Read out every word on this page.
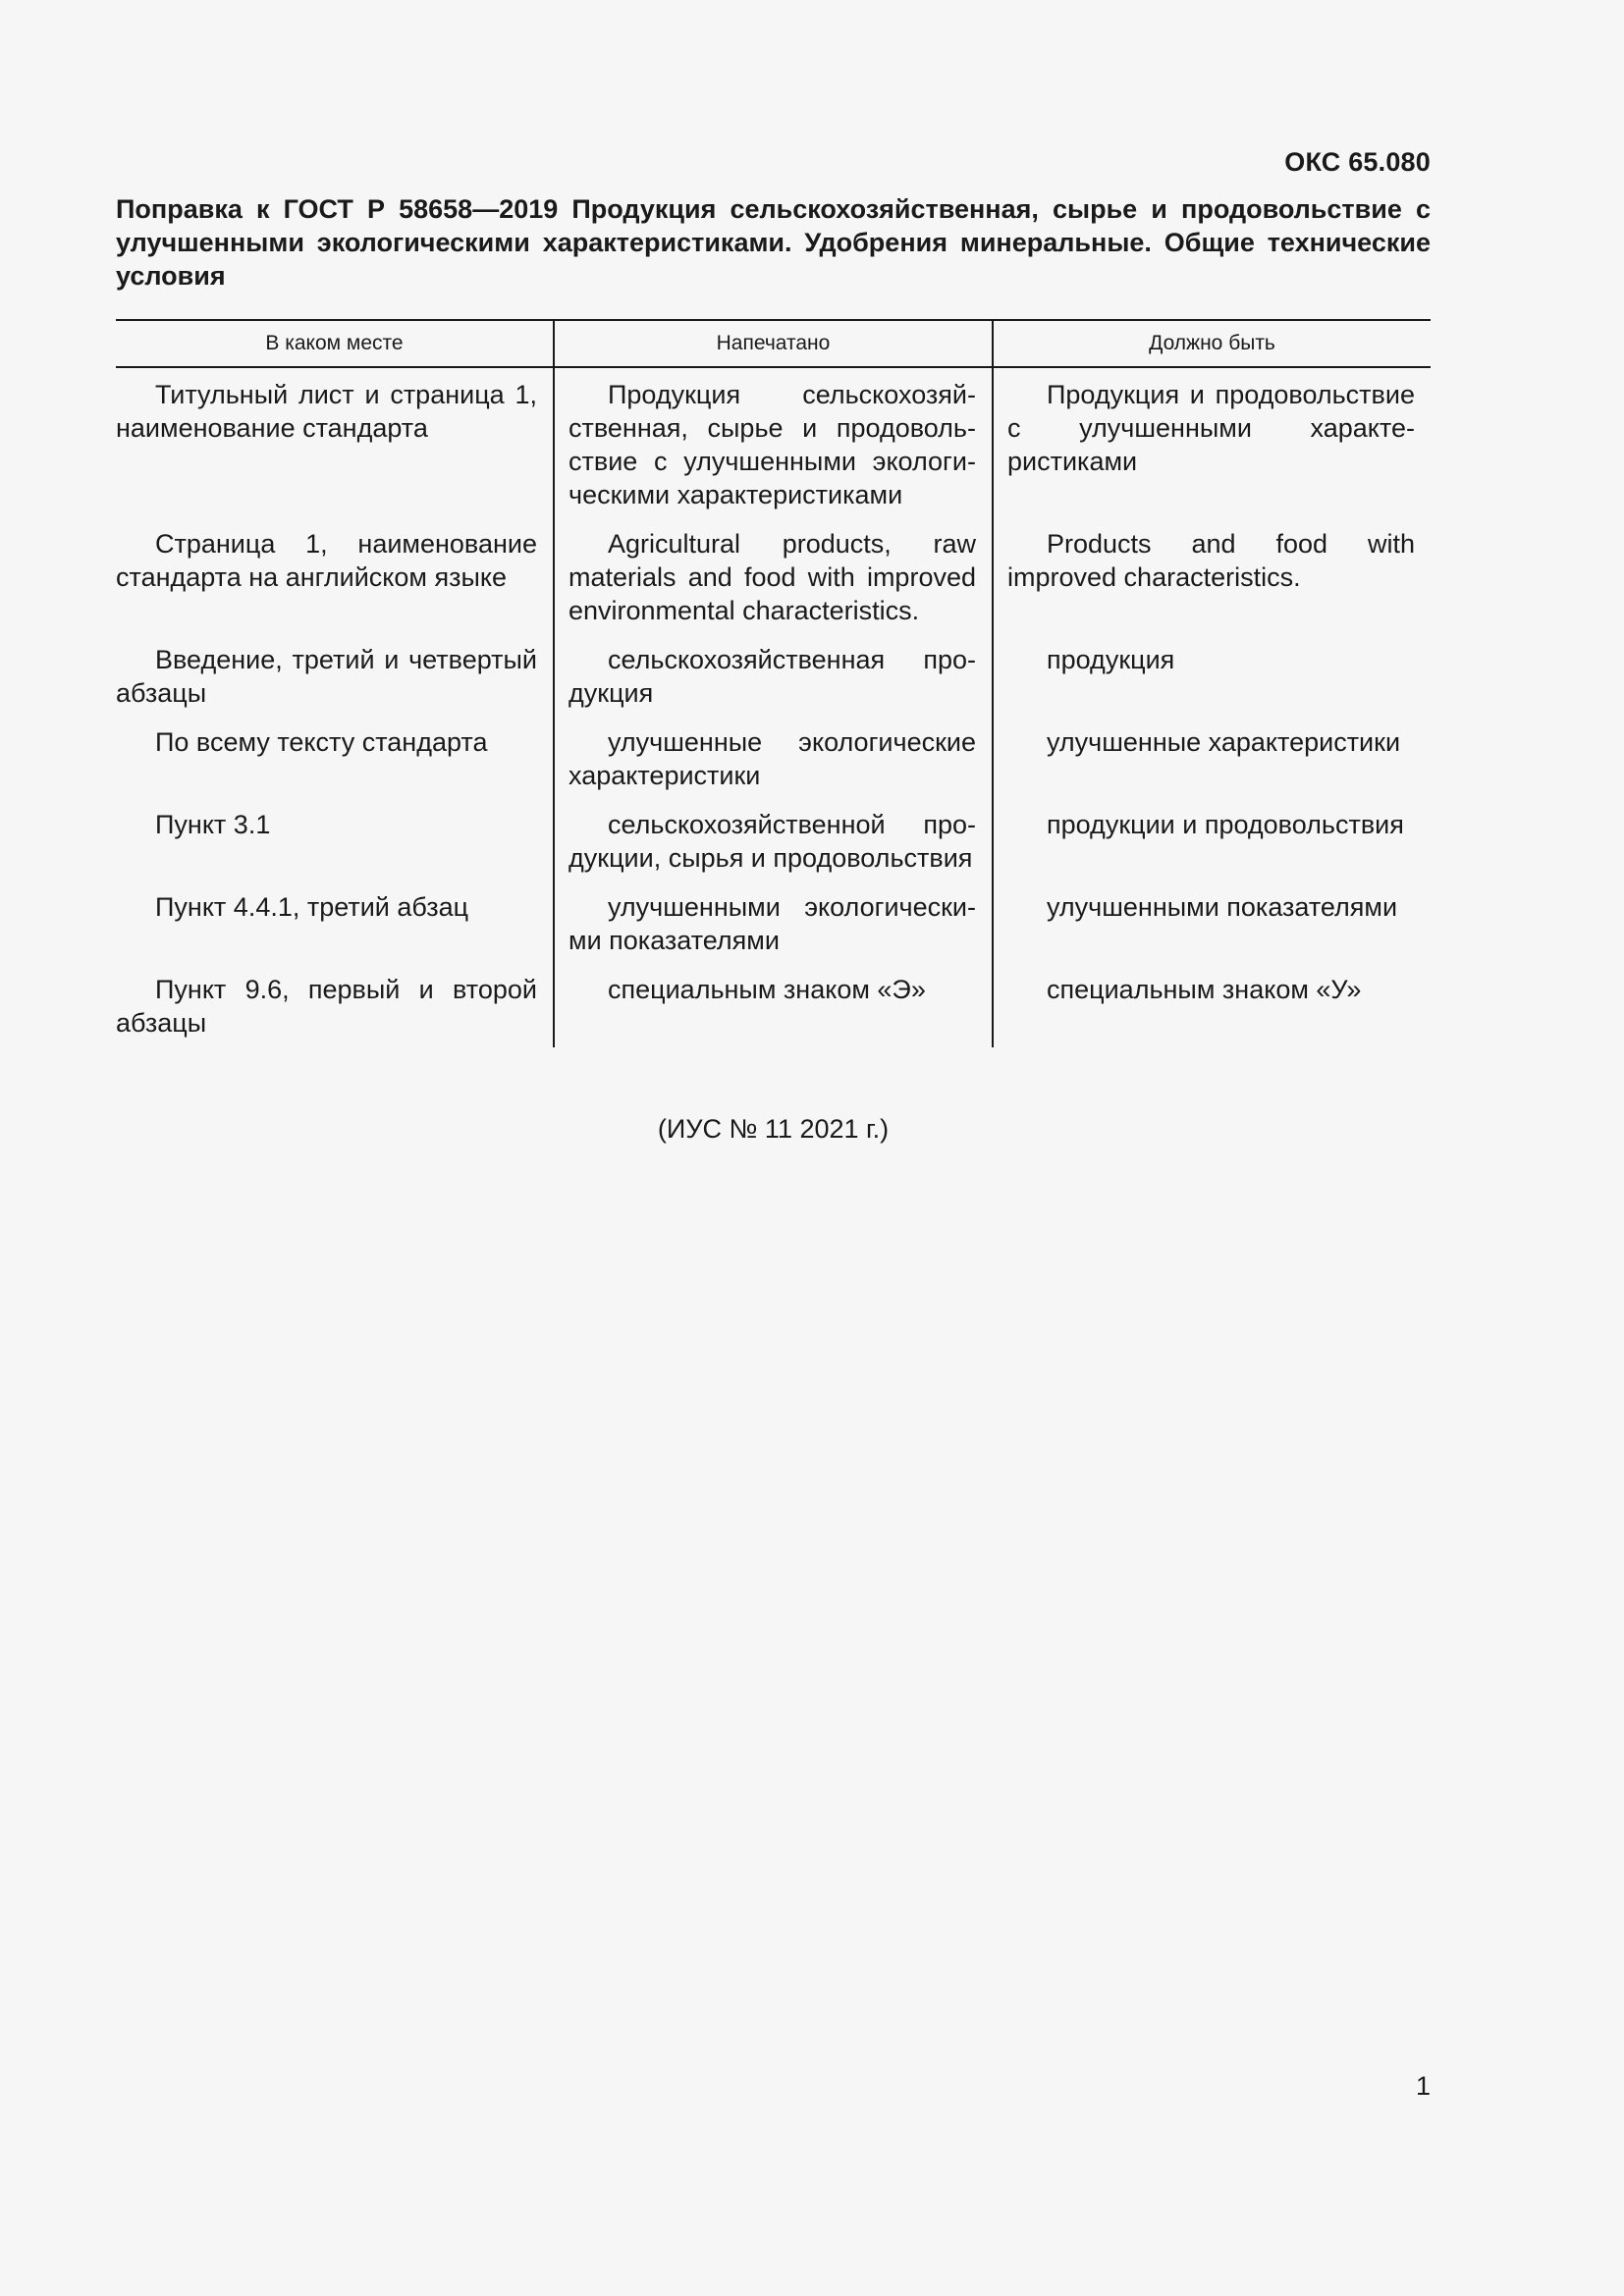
ОКС 65.080
Поправка к ГОСТ Р 58658—2019 Продукция сельскохозяйственная, сырье и продовольствие с улучшенными экологическими характеристиками. Удобрения минеральные. Общие технические условия
В каком месте	Напечатано	Должно быть
Титульный лист и страница 1, наименование стандарта	Продукция сельскохозяйственная, сырье и продовольствие с улучшенными экологическими характеристиками	Продукция и продовольствие с улучшенными характеристиками
Страница 1, наименование стандарта на английском языке	Agricultural products, raw materials and food with improved environmental characteristics.	Products and food with improved characteristics.
Введение, третий и четвертый абзацы	сельскохозяйственная продукция	продукция
По всему тексту стандарта	улучшенные экологические характеристики	улучшенные характеристики
Пункт 3.1	сельскохозяйственной продукции, сырья и продовольствия	продукции и продовольствия
Пункт 4.4.1, третий абзац	улучшенными экологическими показателями	улучшенными показателями
Пункт 9.6, первый и второй абзацы	специальным знаком «Э»	специальным знаком «У»
(ИУС № 11 2021 г.)
1
